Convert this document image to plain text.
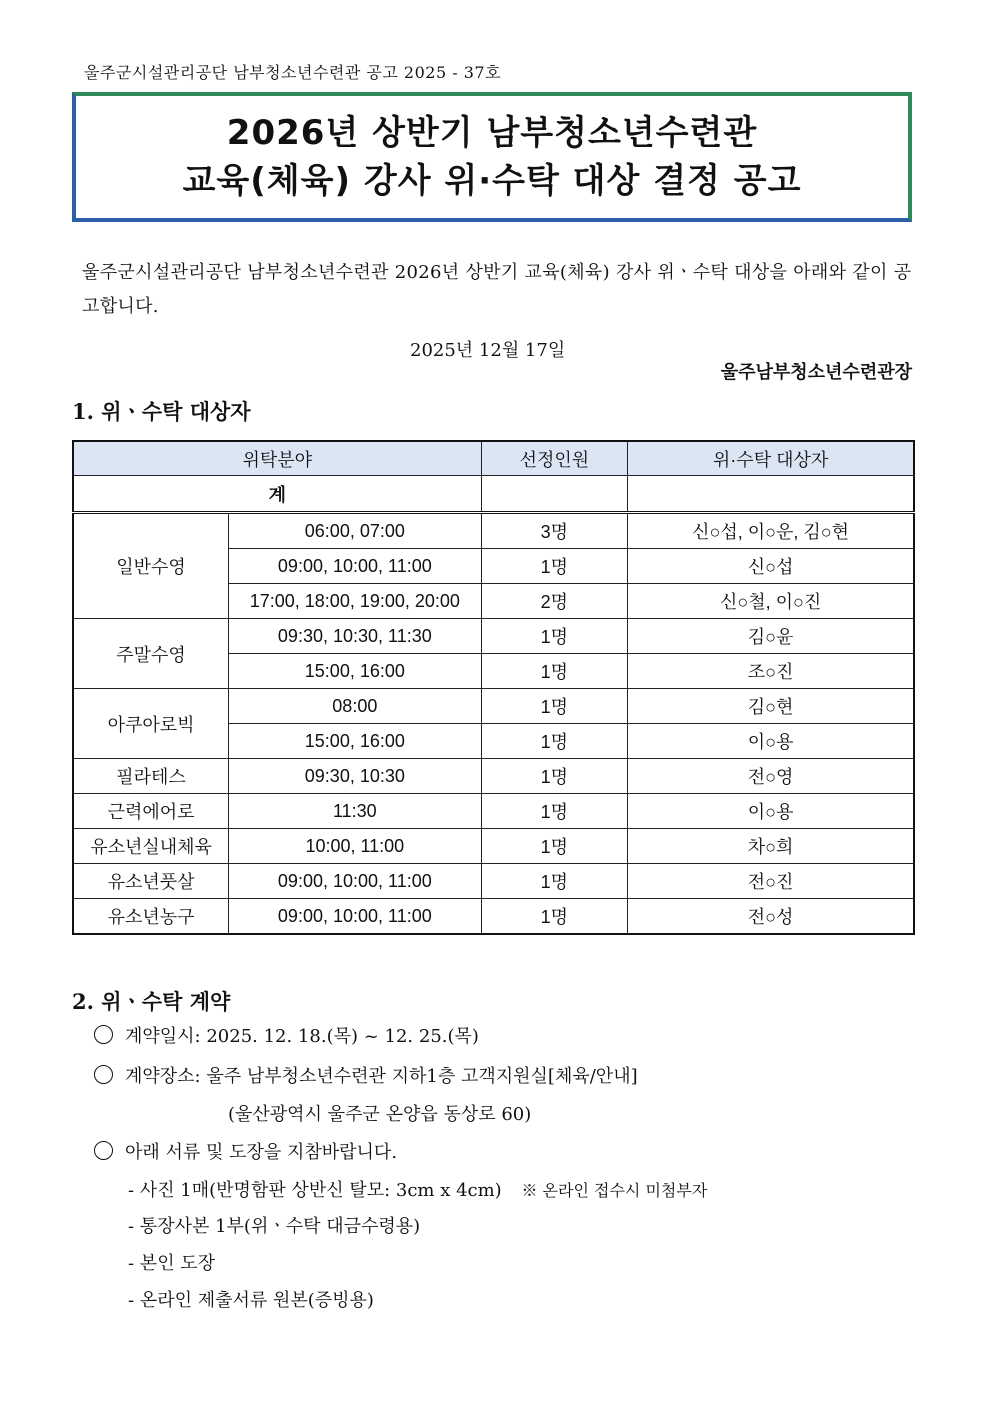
울주군시설관리공단 남부청소년수련관 공고 2025 - 37호
2026년 상반기 남부청소년수련관
교육(체육) 강사 위·수탁 대상 결정 공고
울주군시설관리공단 남부청소년수련관 2026년 상반기 교육(체육) 강사 위ㆍ수탁 대상을 아래와 같이 공고합니다.
2025년 12월 17일
울주남부청소년수련관장
1. 위ㆍ수탁 대상자
위탁분야		선정인원	위·수탁 대상자
계			
일반수영	06:00, 07:00	3명	신○섭, 이○운, 김○현
	09:00, 10:00, 11:00	1명	신○섭
	17:00, 18:00, 19:00, 20:00	2명	신○철, 이○진
주말수영	09:30, 10:30, 11:30	1명	김○윤
	15:00, 16:00	1명	조○진
아쿠아로빅	08:00	1명	김○현
	15:00, 16:00	1명	이○용
필라테스	09:30, 10:30	1명	전○영
근력에어로	11:30	1명	이○용
유소년실내체육	10:00, 11:00	1명	차○희
유소년풋살	09:00, 10:00, 11:00	1명	전○진
유소년농구	09:00, 10:00, 11:00	1명	전○성
2. 위ㆍ수탁 계약
계약일시: 2025. 12. 18.(목) ~ 12. 25.(목)
계약장소: 울주 남부청소년수련관 지하1층 고객지원실[체육/안내]
(울산광역시 울주군 온양읍 동상로 60)
아래 서류 및 도장을 지참바랍니다.
- 사진 1매(반명함판 상반신 탈모: 3cm x 4cm) ※ 온라인 접수시 미첨부자
- 통장사본 1부(위ㆍ수탁 대금수령용)
- 본인 도장
- 온라인 제출서류 원본(증빙용)
